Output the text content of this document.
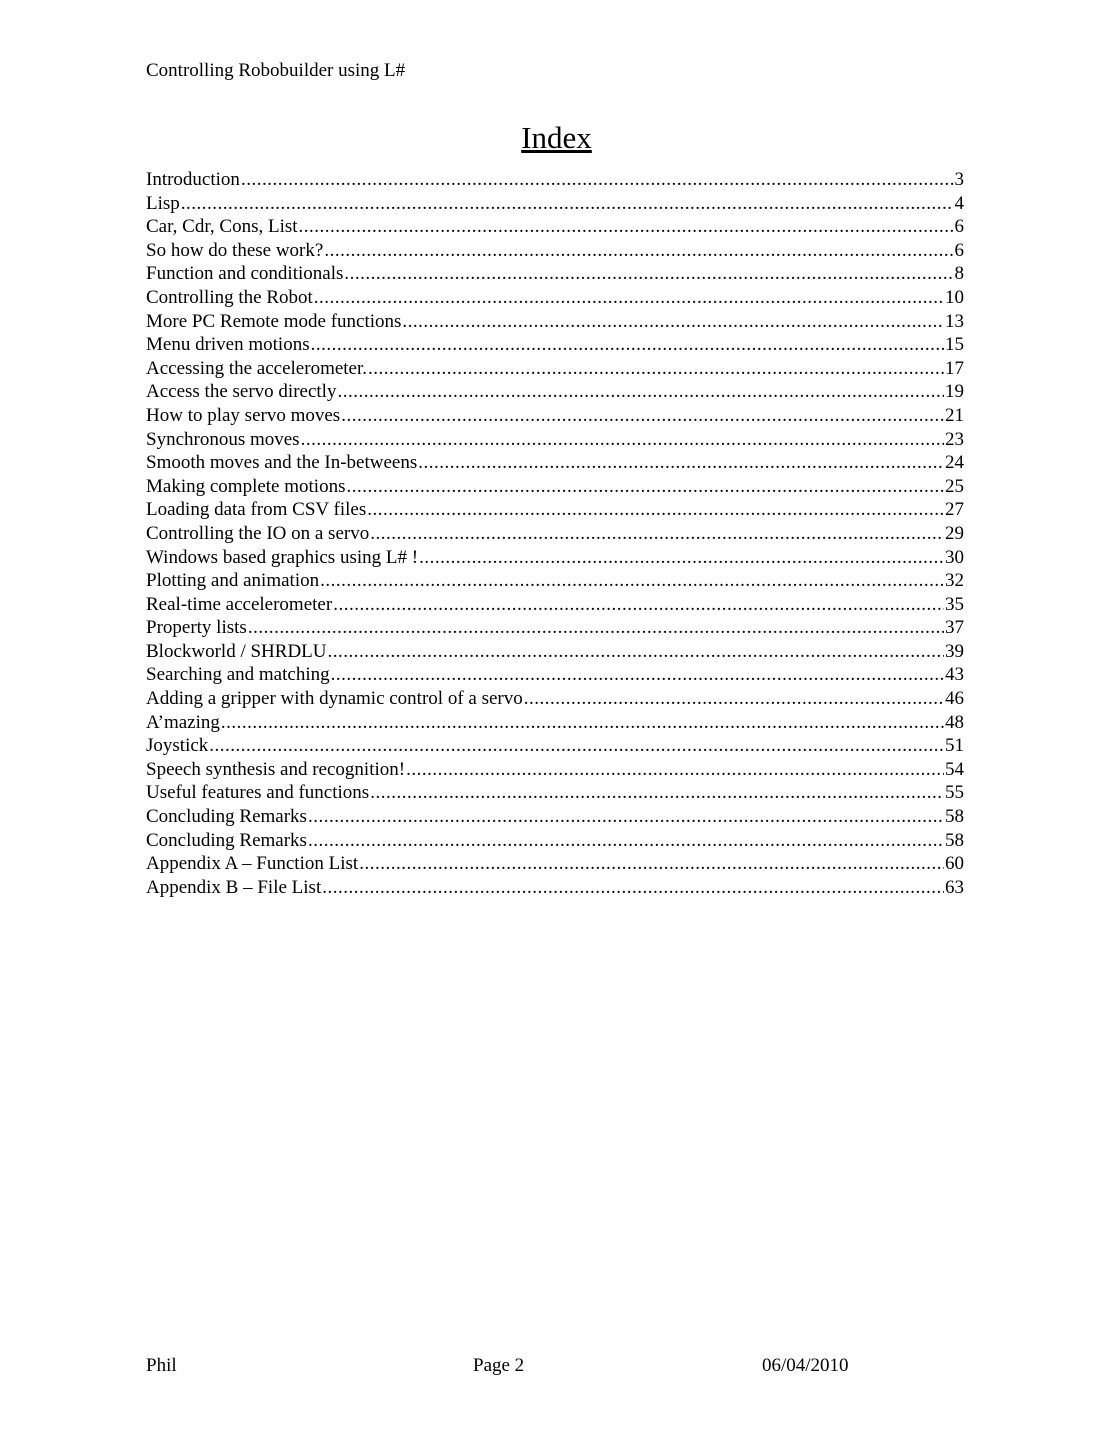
Controlling Robobuilder using L#
Index
Introduction .....	3
Lisp .....	4
Car, Cdr, Cons, List .....	6
So how do these work? .....	6
Function and conditionals .....	8
Controlling the Robot .....	10
More PC Remote mode functions .....	13
Menu driven motions .....	15
Accessing the accelerometer. .....	17
Access the servo directly .....	19
How to play servo moves .....	21
Synchronous moves .....	23
Smooth moves and the In-betweens .....	24
Making complete motions .....	25
Loading data from CSV files .....	27
Controlling the IO on a servo .....	29
Windows based graphics using L# ! .....	30
Plotting and animation .....	32
Real-time accelerometer .....	35
Property lists .....	37
Blockworld / SHRDLU .....	39
Searching and matching .....	43
Adding a gripper with dynamic control of a servo .....	46
A’mazing .....	48
Joystick .....	51
Speech synthesis and recognition! .....	54
Useful features and functions .....	55
Concluding Remarks .....	58
Concluding Remarks .....	58
Appendix A – Function List .....	60
Appendix B – File List .....	63
Phil	Page 2	06/04/2010
